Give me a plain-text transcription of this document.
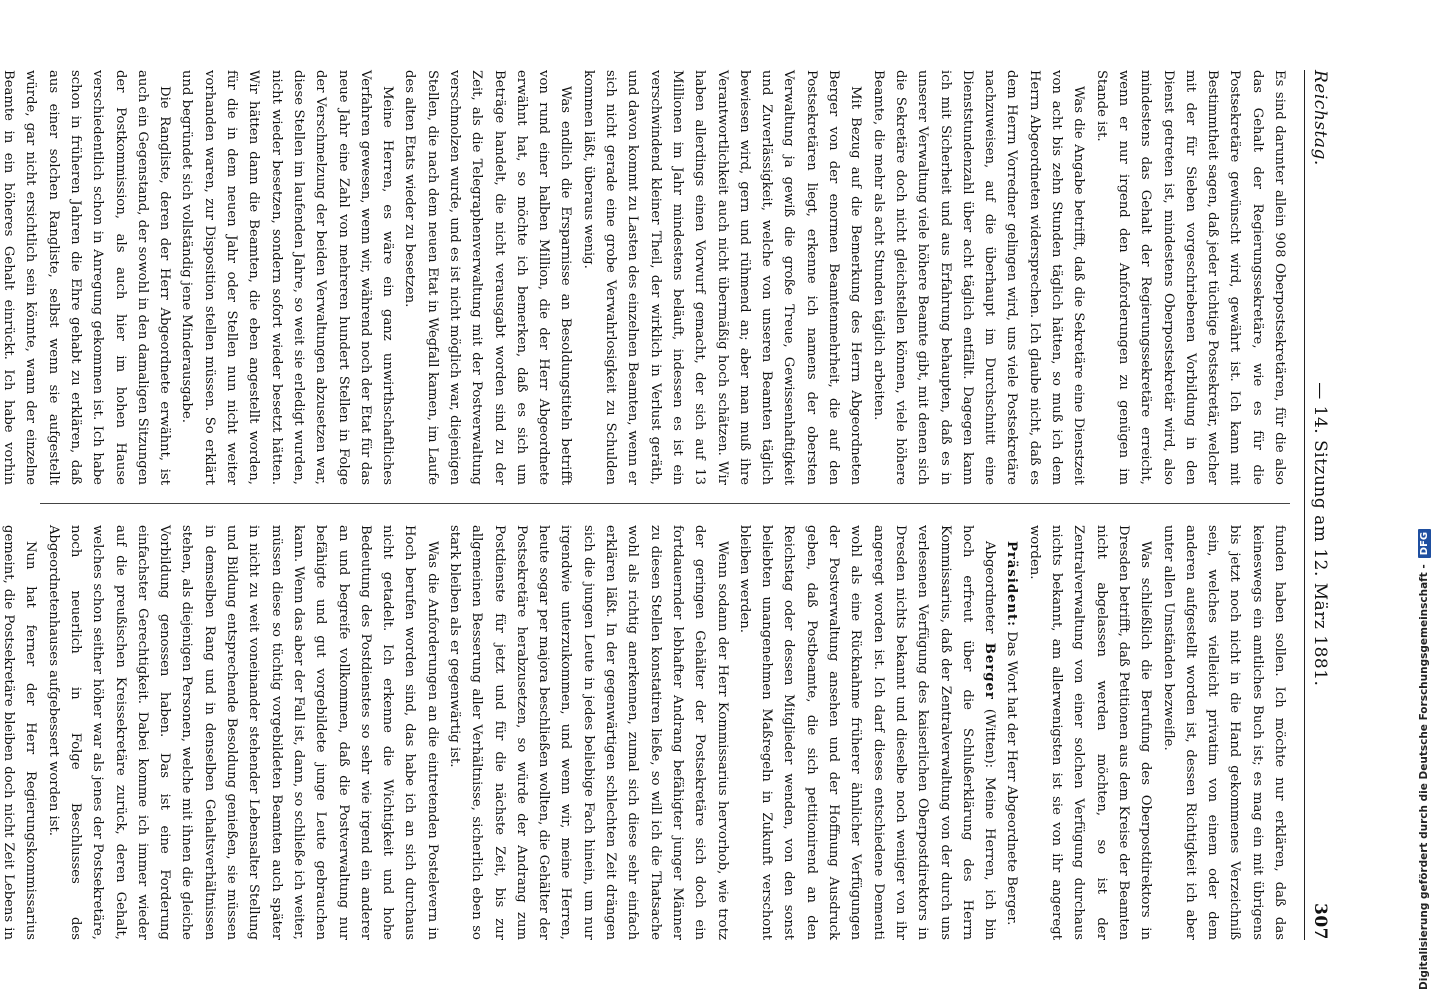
Reichstag.
— 14. Sitzung am 12. März 1881.
307

Es sind darunter allein 908 Oberpostsekretären, für die also das Gehalt der Regierungssekretäre, wie es für die Postsekretäre gewünscht wird, gewährt ist. Ich kann mit Bestimmtheit sagen, daß jeder tüchtige Postsekretär, welcher mit der für Sieben vorgeschriebenen Vorbildung in den Dienst getreten ist, mindestens Oberpostsekretär wird, also mindestens das Gehalt der Regierungssekretäre erreicht, wenn er nur irgend den Anforderungen zu genügen im Stande ist.

Was die Angabe betrifft, daß die Sekretäre eine Dienstzeit von acht bis zehn Stunden täglich hätten, so muß ich dem Herrn Abgeordneten widersprechen. Ich glaube nicht, daß es dem Herrn Vorredner gelingen wird, uns viele Postsekretäre nachzuweisen, auf die überhaupt im Durchschnitt eine Dienststundenzahl über acht täglich entfällt. Dagegen kann ich mit Sicherheit und aus Erfahrung behaupten, daß es in unserer Verwaltung viele höhere Beamte gibt, mit denen sich die Sekretäre doch nicht gleichstellen können, viele höhere Beamte, die mehr als acht Stunden täglich arbeiten.

Mit Bezug auf die Bemerkung des Herrn Abgeordneten Berger von der enormen Beamtenmehrheit, die auf den Postsekretären liegt, erkenne ich namens der obersten Verwaltung ja gewiß die große Treue, Gewissenhaftigkeit und Zuverlässigkeit, welche von unseren Beamten täglich bewiesen wird, gern und rühmend an; aber man muß ihre Verantwortlichkeit auch nicht übermäßig hoch schätzen. Wir haben allerdings einen Vorwurf gemacht, der sich auf 13 Millionen im Jahr mindestens beläuft, indessen es ist ein verschwindend kleiner Theil, der wirklich in Verlust geräth, und davon kommt zu Lasten des einzelnen Beamten, wenn er sich nicht gerade eine grobe Verwahrlosigkeit zu Schulden kommen läßt, überaus wenig.

Was endlich die Ersparnisse an Besoldungstiteln betrifft von rund einer halben Million, die der Herr Abgeordnete erwähnt hat, so möchte ich bemerken, daß es sich um Beträge handelt, die nicht verausgabt worden sind zu der Zeit, als die Telegraphenverwaltung mit der Postverwaltung verschmolzen wurde, und es ist nicht möglich war, diejenigen Stellen, die nach dem neuen Etat in Wegfall kamen, im Laufe des alten Etats wieder zu besetzen.

Meine Herren, es wäre ein ganz unwirthschaftliches Verfahren gewesen, wenn wir, während noch der Etat für das neue Jahr eine Zahl von mehreren hundert Stellen in Folge der Verschmelzung der beiden Verwaltungen abzusetzen war, diese Stellen im laufenden Jahre, so weit sie erledigt wurden, nicht wieder besetzen, sondern sofort wieder besetzt hätten. Wir hätten dann die Beamten, die eben angestellt worden, für die in dem neuen Jahr oder Stellen nun nicht weiter vorhanden waren, zur Disposition stellen müssen. So erklärt und begründet sich vollständig jene Minderausgabe.

Die Rangliste, deren der Herr Abgeordnete erwähnt, ist auch ein Gegenstand, der sowohl in den damaligen Sitzungen der Postkommission, als auch hier im hohen Hause verschiedentlich schon in Anregung gekommen ist. Ich habe schon in früheren Jahren die Ehre gehabt zu erklären, daß aus einer solchen Rangliste, selbst wenn sie aufgestellt würde, gar nicht ersichtlich sein könnte, wann der einzelne Beamte in ein höheres Gehalt einrückt. Ich habe vorhin

funden haben sollen. Ich möchte nur erklären, daß das keineswegs ein amtliches Buch ist; es mag ein mit übrigens bis jetzt noch nicht in die Hand gekommenes Verzeichniß sein, welches vielleicht privatim von einem oder dem anderen aufgestellt worden ist, dessen Richtigkeit ich aber unter allen Umständen bezweifle.

Was schließlich die Berufung des Oberpostdirektors in Dresden betrifft, daß Petitionen aus dem Kreise der Beamten nicht abgelassen werden möchten, so ist der Zentralverwaltung von einer solchen Verfügung durchaus nichts bekannt, am allerwenigsten ist sie von ihr angeregt worden.

Präsident: Das Wort hat der Herr Abgeordnete Berger.

Abgeordneter Berger (Witten): Meine Herren, ich bin hoch erfreut über die Schlußerklärung des Herrn Kommissarius, daß der Zentralverwaltung von der durch uns verlesenen Verfügung des kaiserlichen Oberpostdirektors in Dresden nichts bekannt und dieselbe noch weniger von ihr angeregt worden ist. Ich darf dieses entschiedene Dementi wohl als eine Rücknahme früherer ähnlicher Verfügungen der Postverwaltung ansehen und der Hoffnung Ausdruck geben, daß Postbeamte, die sich petitionirend an den Reichstag oder dessen Mitglieder wenden, von den sonst beliebten unangenehmen Maßregeln in Zukunft verschont bleiben werden.

Wenn sodann der Herr Kommissarius hervorhob, wie trotz der geringen Gehälter der Postsekretäre sich doch ein fortdauernder lebhafter Andrang befähigter junger Männer zu diesen Stellen konstatiren ließe, so will ich die Thatsache wohl als richtig anerkennen, zumal sich diese sehr einfach erklären läßt. In der gegenwärtigen schlechten Zeit drängen sich die jungen Leute in jedes beliebige Fach hinein, um nur irgendwie unterzukommen, und wenn wir, meine Herren, heute sogar per majora beschließen wollten, die Gehälter der Postsekretäre herabzusetzen, so würde der Andrang zum Postdienste für jetzt und für die nächste Zeit, bis zur allgemeinen Besserung aller Verhältnisse, sicherlich eben so stark bleiben als er gegenwärtig ist.

Was die Anforderungen an die eintretenden Postelevern in Hoch berufen worden sind, das habe ich an sich durchaus nicht getadelt. Ich erkenne die Wichtigkeit und hohe Bedeutung des Postdienstes so sehr wie irgend ein anderer an und begreife vollkommen, daß die Postverwaltung nur befähigte und gut vorgebildete junge Leute gebrauchen kann. Wenn das aber der Fall ist, dann, so schließe ich weiter, müssen diese so tüchtig vorgebildeten Beamten auch später in nicht zu weit voneinander stehender Lebensalter Stellung und Bildung entsprechende Besoldung genießen, sie müssen in demselben Rang und in denselben Gehaltsverhältnissen stehen, als diejenigen Personen, welche mit ihnen die gleiche Vorbildung genossen haben. Das ist eine Forderung einfachster Gerechtigkeit. Dabei komme ich immer wieder auf die preußischen Kreissekretäre zurück, deren Gehalt, welches schon seither höher war als jenes der Postsekretäre, noch neuerlich in Folge Beschlusses des Abgeordnetenhauses aufgebessert worden ist.

Nun hat ferner der Herr Regierungskommissarius gemeint, die Postsekretäre bleiben doch nicht Zeit Lebens in	Digitalisierung gefördert durch die Deutsche Forschungsgemeinschaft -
DFG
